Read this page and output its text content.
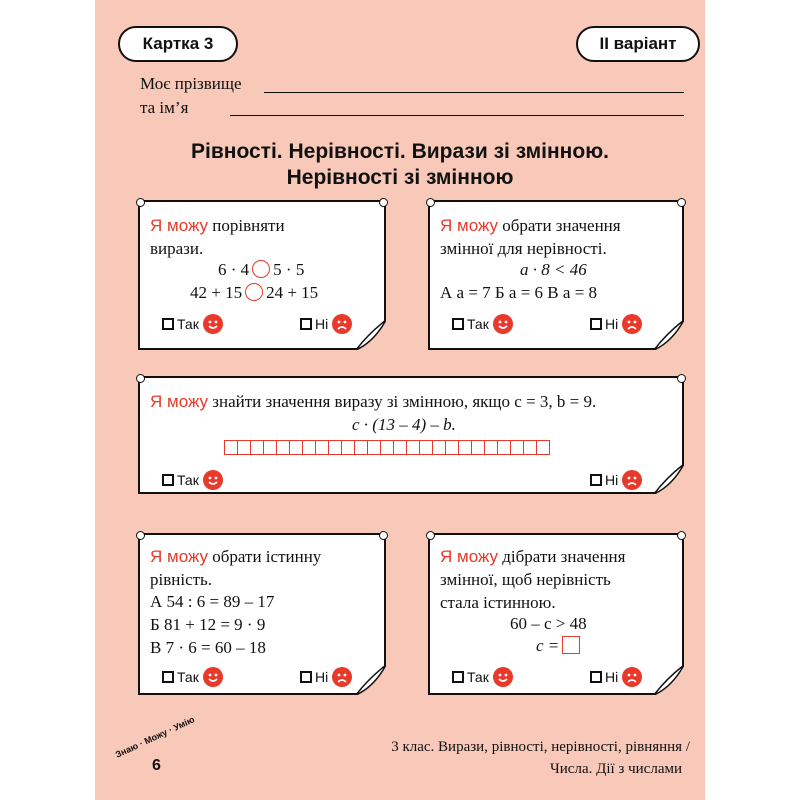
Картка 3	ІІ варіант
Моє прізвище
та ім’я
Рівності. Нерівності. Вирази зі змінною.
Нерівності зі змінною
Я можу порівняти
вирази.
6 · 4 5 · 5
42 + 15 24 + 15
Так	Ні
Я можу обрати значення
змінної для нерівності.
a · 8 < 46
А a = 7 Б a = 6 В a = 8
Так	Ні
Я можу знайти значення виразу зі змінною, якщо c = 3, b = 9.
c · (13 – 4) – b.
Так	Ні
Я можу обрати істинну
рівність.
А 54 : 6 = 89 – 17
Б 81 + 12 = 9 · 9
В 7 · 6 = 60 – 18
Так	Ні
Я можу дібрати значення
змінної, щоб нерівність
стала істинною.
60 – c > 48
c =
Так	Ні
Знаю · Можу · Умію
6
3 клас. Вирази, рівності, нерівності, рівняння /
Числа. Дії з числами
